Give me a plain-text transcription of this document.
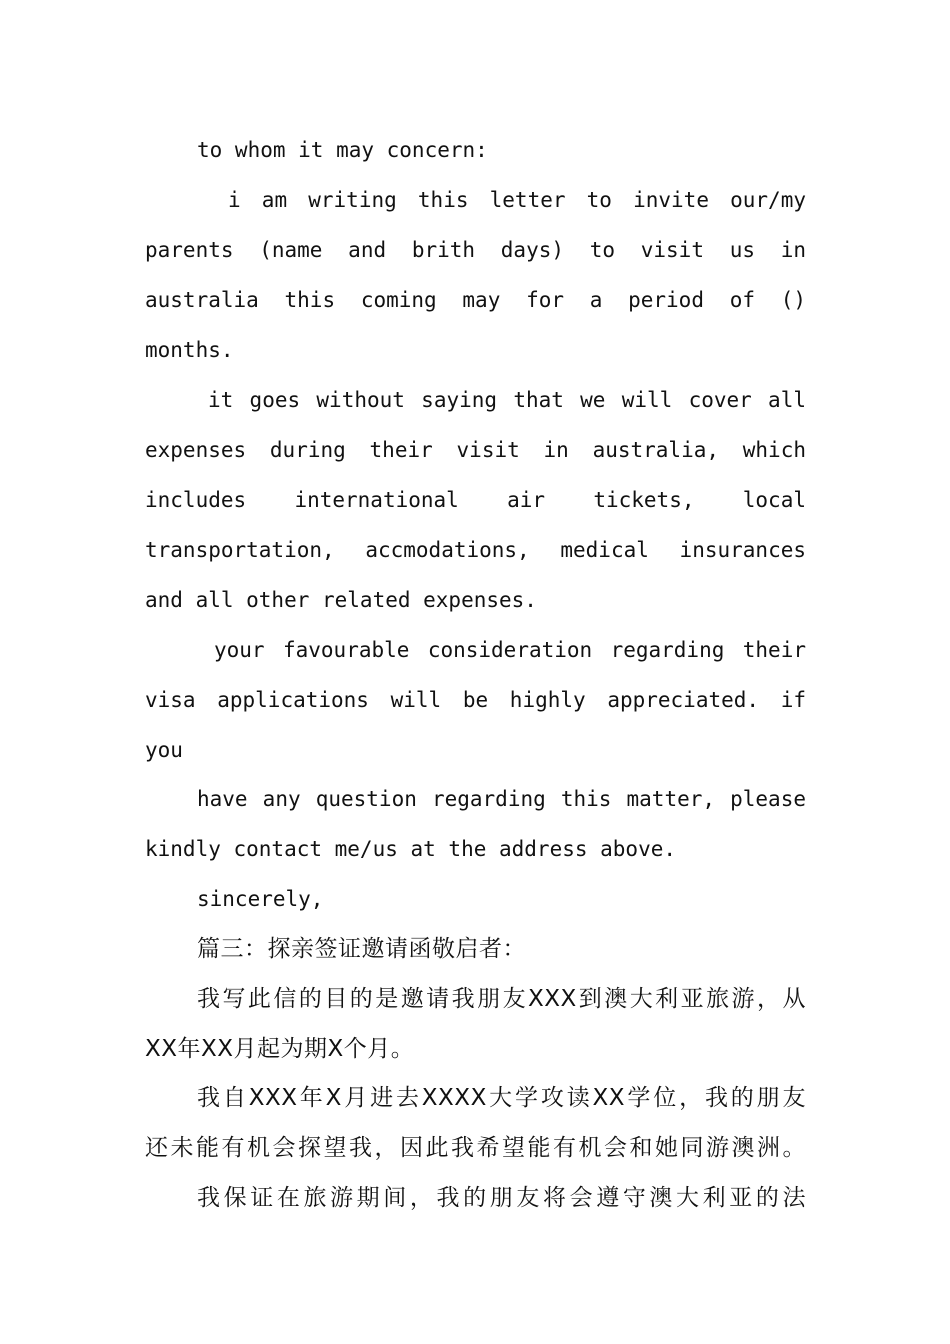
to whom it may concern:
i am writing this letter to invite our/my
parents (name and brith days) to visit us in
australia this coming may for a period of ()
months.
it goes without saying that we will cover all
expenses during their visit in australia, which
includes international air tickets, local
transportation, accmodations, medical insurances
and all other related expenses.
your favourable consideration regarding their
visa applications will be highly appreciated. if
you
have any question regarding this matter, please
kindly contact me/us at the address above.
sincerely,
篇三：探亲签证邀请函敬启者：
我写此信的目的是邀请我朋友XXX到澳大利亚旅游，从
XX年XX月起为期X个月。
我自XXX年X月进去XXXX大学攻读XX学位，我的朋友
还未能有机会探望我，因此我希望能有机会和她同游澳洲。
我保证在旅游期间，我的朋友将会遵守澳大利亚的法
